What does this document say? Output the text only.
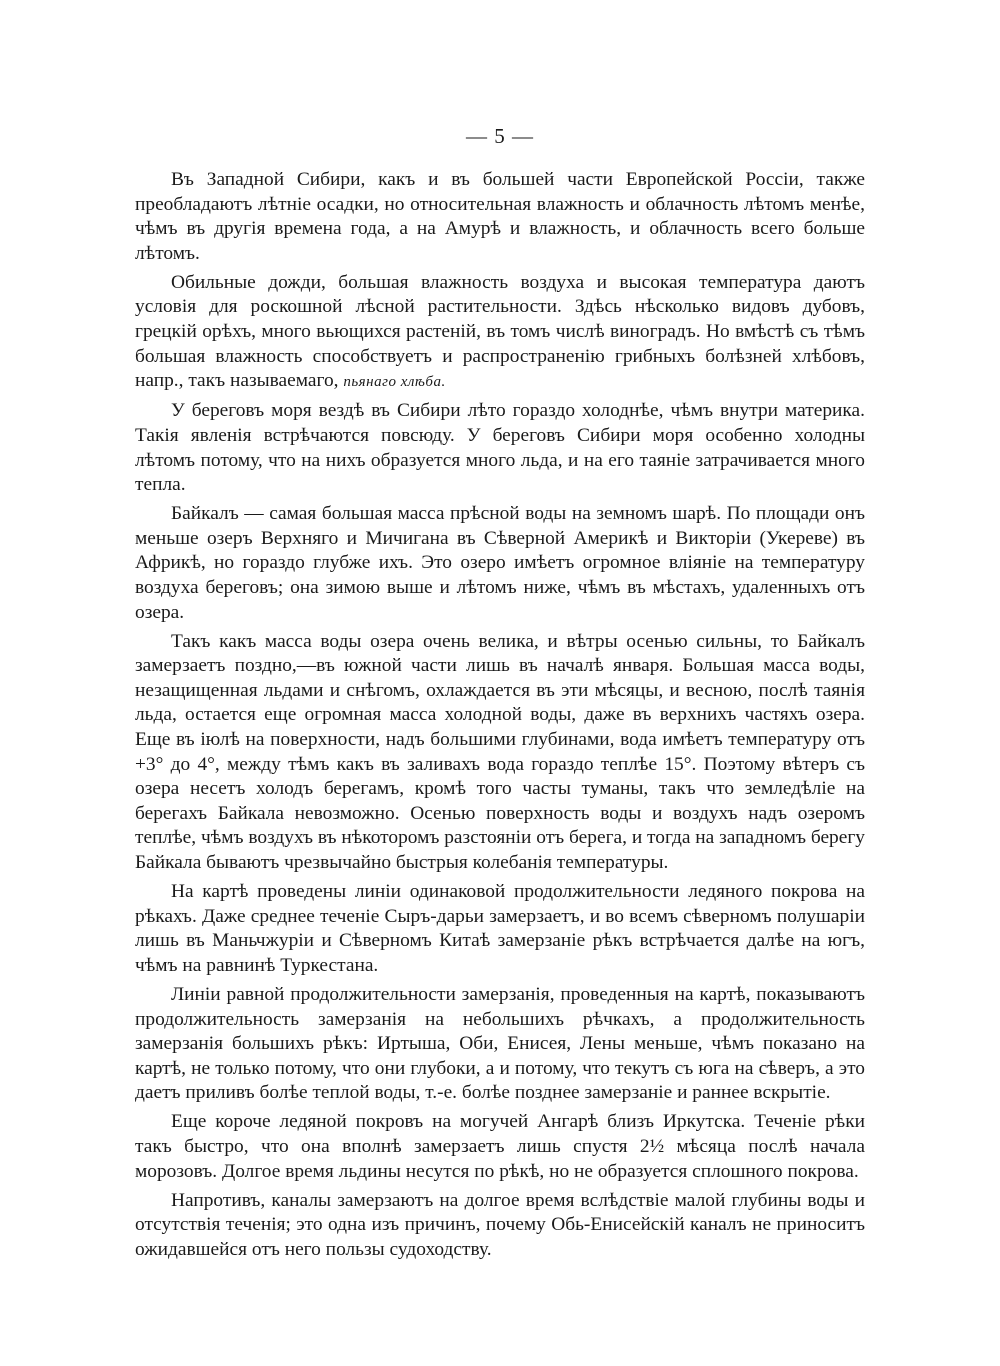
— 5 —

Въ Западной Сибири, какъ и въ большей части Европейской Россіи, также преобладаютъ лѣтніе осадки, но относительная влажность и облачность лѣтомъ менѣе, чѣмъ въ другія времена года, а на Амурѣ и влажность, и облачность всего больше лѣтомъ.

Обильные дожди, большая влажность воздуха и высокая температура даютъ условія для роскошной лѣсной растительности. Здѣсь нѣсколько видовъ дубовъ, грецкій орѣхъ, много вьющихся растеній, въ томъ числѣ виноградъ. Но вмѣстѣ съ тѣмъ большая влажность способствуетъ и распространенію грибныхъ болѣзней хлѣбовъ, напр., такъ называемаго, пьянаго хлѣба.

У береговъ моря вездѣ въ Сибири лѣто гораздо холоднѣе, чѣмъ внутри материка. Такія явленія встрѣчаются повсюду. У береговъ Сибири моря особенно холодны лѣтомъ потому, что на нихъ образуется много льда, и на его таяніе затрачивается много тепла.

Байкалъ — самая большая масса прѣсной воды на земномъ шарѣ. По площади онъ меньше озеръ Верхняго и Мичигана въ Сѣверной Америкѣ и Викторіи (Укереве) въ Африкѣ, но гораздо глубже ихъ. Это озеро имѣетъ огромное вліяніе на температуру воздуха береговъ; она зимою выше и лѣтомъ ниже, чѣмъ въ мѣстахъ, удаленныхъ отъ озера.

Такъ какъ масса воды озера очень велика, и вѣтры осенью сильны, то Байкалъ замерзаетъ поздно,—въ южной части лишь въ началѣ января. Большая масса воды, незащищенная льдами и снѣгомъ, охлаждается въ эти мѣсяцы, и весною, послѣ таянія льда, остается еще огромная масса холодной воды, даже въ верхнихъ частяхъ озера. Еще въ іюлѣ на поверхности, надъ большими глубинами, вода имѣетъ температуру отъ +3° до 4°, между тѣмъ какъ въ заливахъ вода гораздо теплѣе 15°. Поэтому вѣтеръ съ озера несетъ холодъ берегамъ, кромѣ того часты туманы, такъ что земледѣліе на берегахъ Байкала невозможно. Осенью поверхность воды и воздухъ надъ озеромъ теплѣе, чѣмъ воздухъ въ нѣкоторомъ разстояніи отъ берега, и тогда на западномъ берегу Байкала бываютъ чрезвычайно быстрыя колебанія температуры.

На картѣ проведены линіи одинаковой продолжительности ледяного покрова на рѣкахъ. Даже среднее теченіе Сыръ-дарьи замерзаетъ, и во всемъ сѣверномъ полушаріи лишь въ Маньчжуріи и Сѣверномъ Китаѣ замерзаніе рѣкъ встрѣчается далѣе на югъ, чѣмъ на равнинѣ Туркестана.

Линіи равной продолжительности замерзанія, проведенныя на картѣ, показываютъ продолжительность замерзанія на небольшихъ рѣчкахъ, а продолжительность замерзанія большихъ рѣкъ: Иртыша, Оби, Енисея, Лены меньше, чѣмъ показано на картѣ, не только потому, что они глубоки, а и потому, что текутъ съ юга на сѣверъ, а это даетъ приливъ болѣе теплой воды, т.-е. болѣе позднее замерзаніе и раннее вскрытіе.

Еще короче ледяной покровъ на могучей Ангарѣ близъ Иркутска. Теченіе рѣки такъ быстро, что она вполнѣ замерзаетъ лишь спустя 2½ мѣсяца послѣ начала морозовъ. Долгое время льдины несутся по рѣкѣ, но не образуется сплошного покрова.

Напротивъ, каналы замерзаютъ на долгое время вслѣдствіе малой глубины воды и отсутствія теченія; это одна изъ причинъ, почему Обь-Енисейскій каналъ не приноситъ ожидавшейся отъ него пользы судоходству.
